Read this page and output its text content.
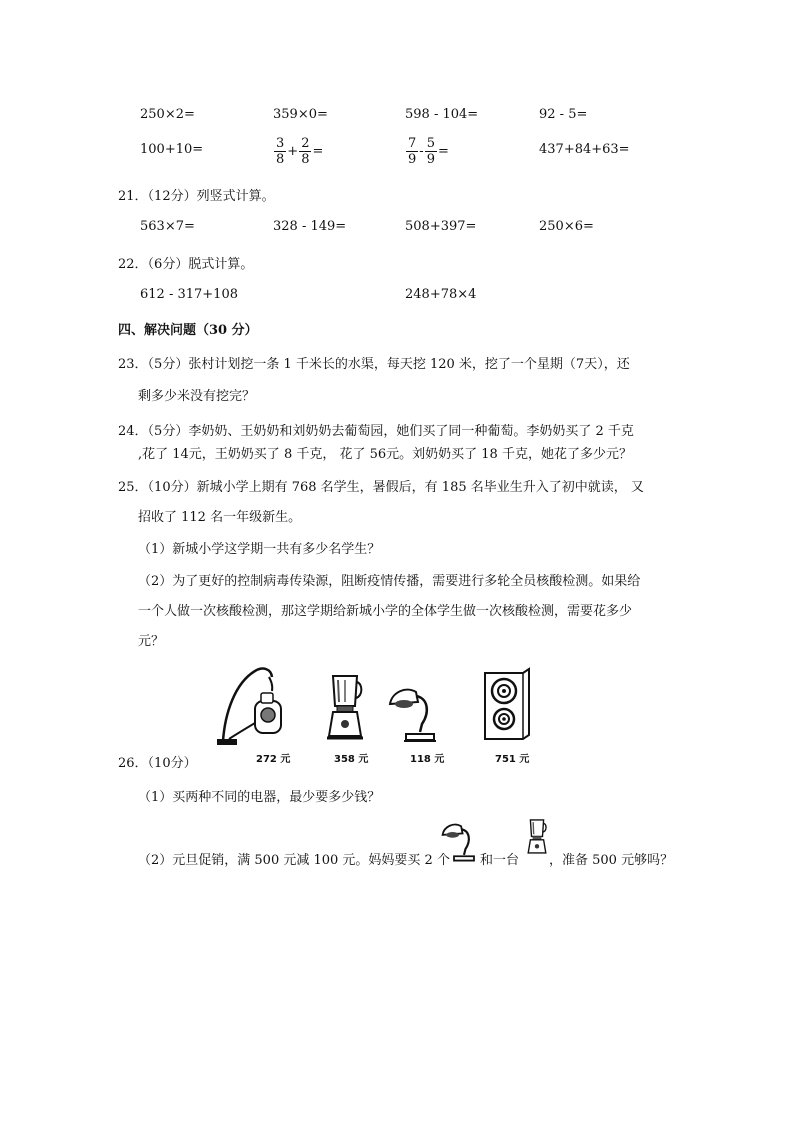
250×2=	359×0=	598 - 104=	92 - 5=
100+10=	$\frac{3}{8} + \frac{2}{8}$ =	$\frac{7}{9} - \frac{5}{9}$ =	437+84+63=
21．（12分）列竖式计算。
563×7=	328 - 149=	508+397=	250×6=
22．（6分）脱式计算。
612 - 317+108	248+78×4
四、解决问题（30 分）
23．（5分）张村计划挖一条 1 千米长的水渠，每天挖 120 米，挖了一个星期（7天），还
剩多少米没有挖完？
24．（5分）李奶奶、王奶奶和刘奶奶去葡萄园，她们买了同一种葡萄。李奶奶买了 2 千克
,花了 14元，王奶奶买了 8 千克， 花了 56元。刘奶奶买了 18 千克，她花了多少元？
25．（10分）新城小学上期有 768 名学生，暑假后，有 185 名毕业生升入了初中就读， 又
招收了 112 名一年级新生。
（1）新城小学这学期一共有多少名学生？
（2）为了更好的控制病毒传染源，阻断疫情传播，需要进行多轮全员核酸检测。如果给
一个人做一次核酸检测，那这学期给新城小学的全体学生做一次核酸检测，需要花多少
元？
272 元	358 元	118 元	751 元
26．（10分）
（1）买两种不同的电器，最少要多少钱？
（2）元旦促销，满 500 元减 100 元。妈妈要买 2 个 和一台 ，准备 500 元够吗？
